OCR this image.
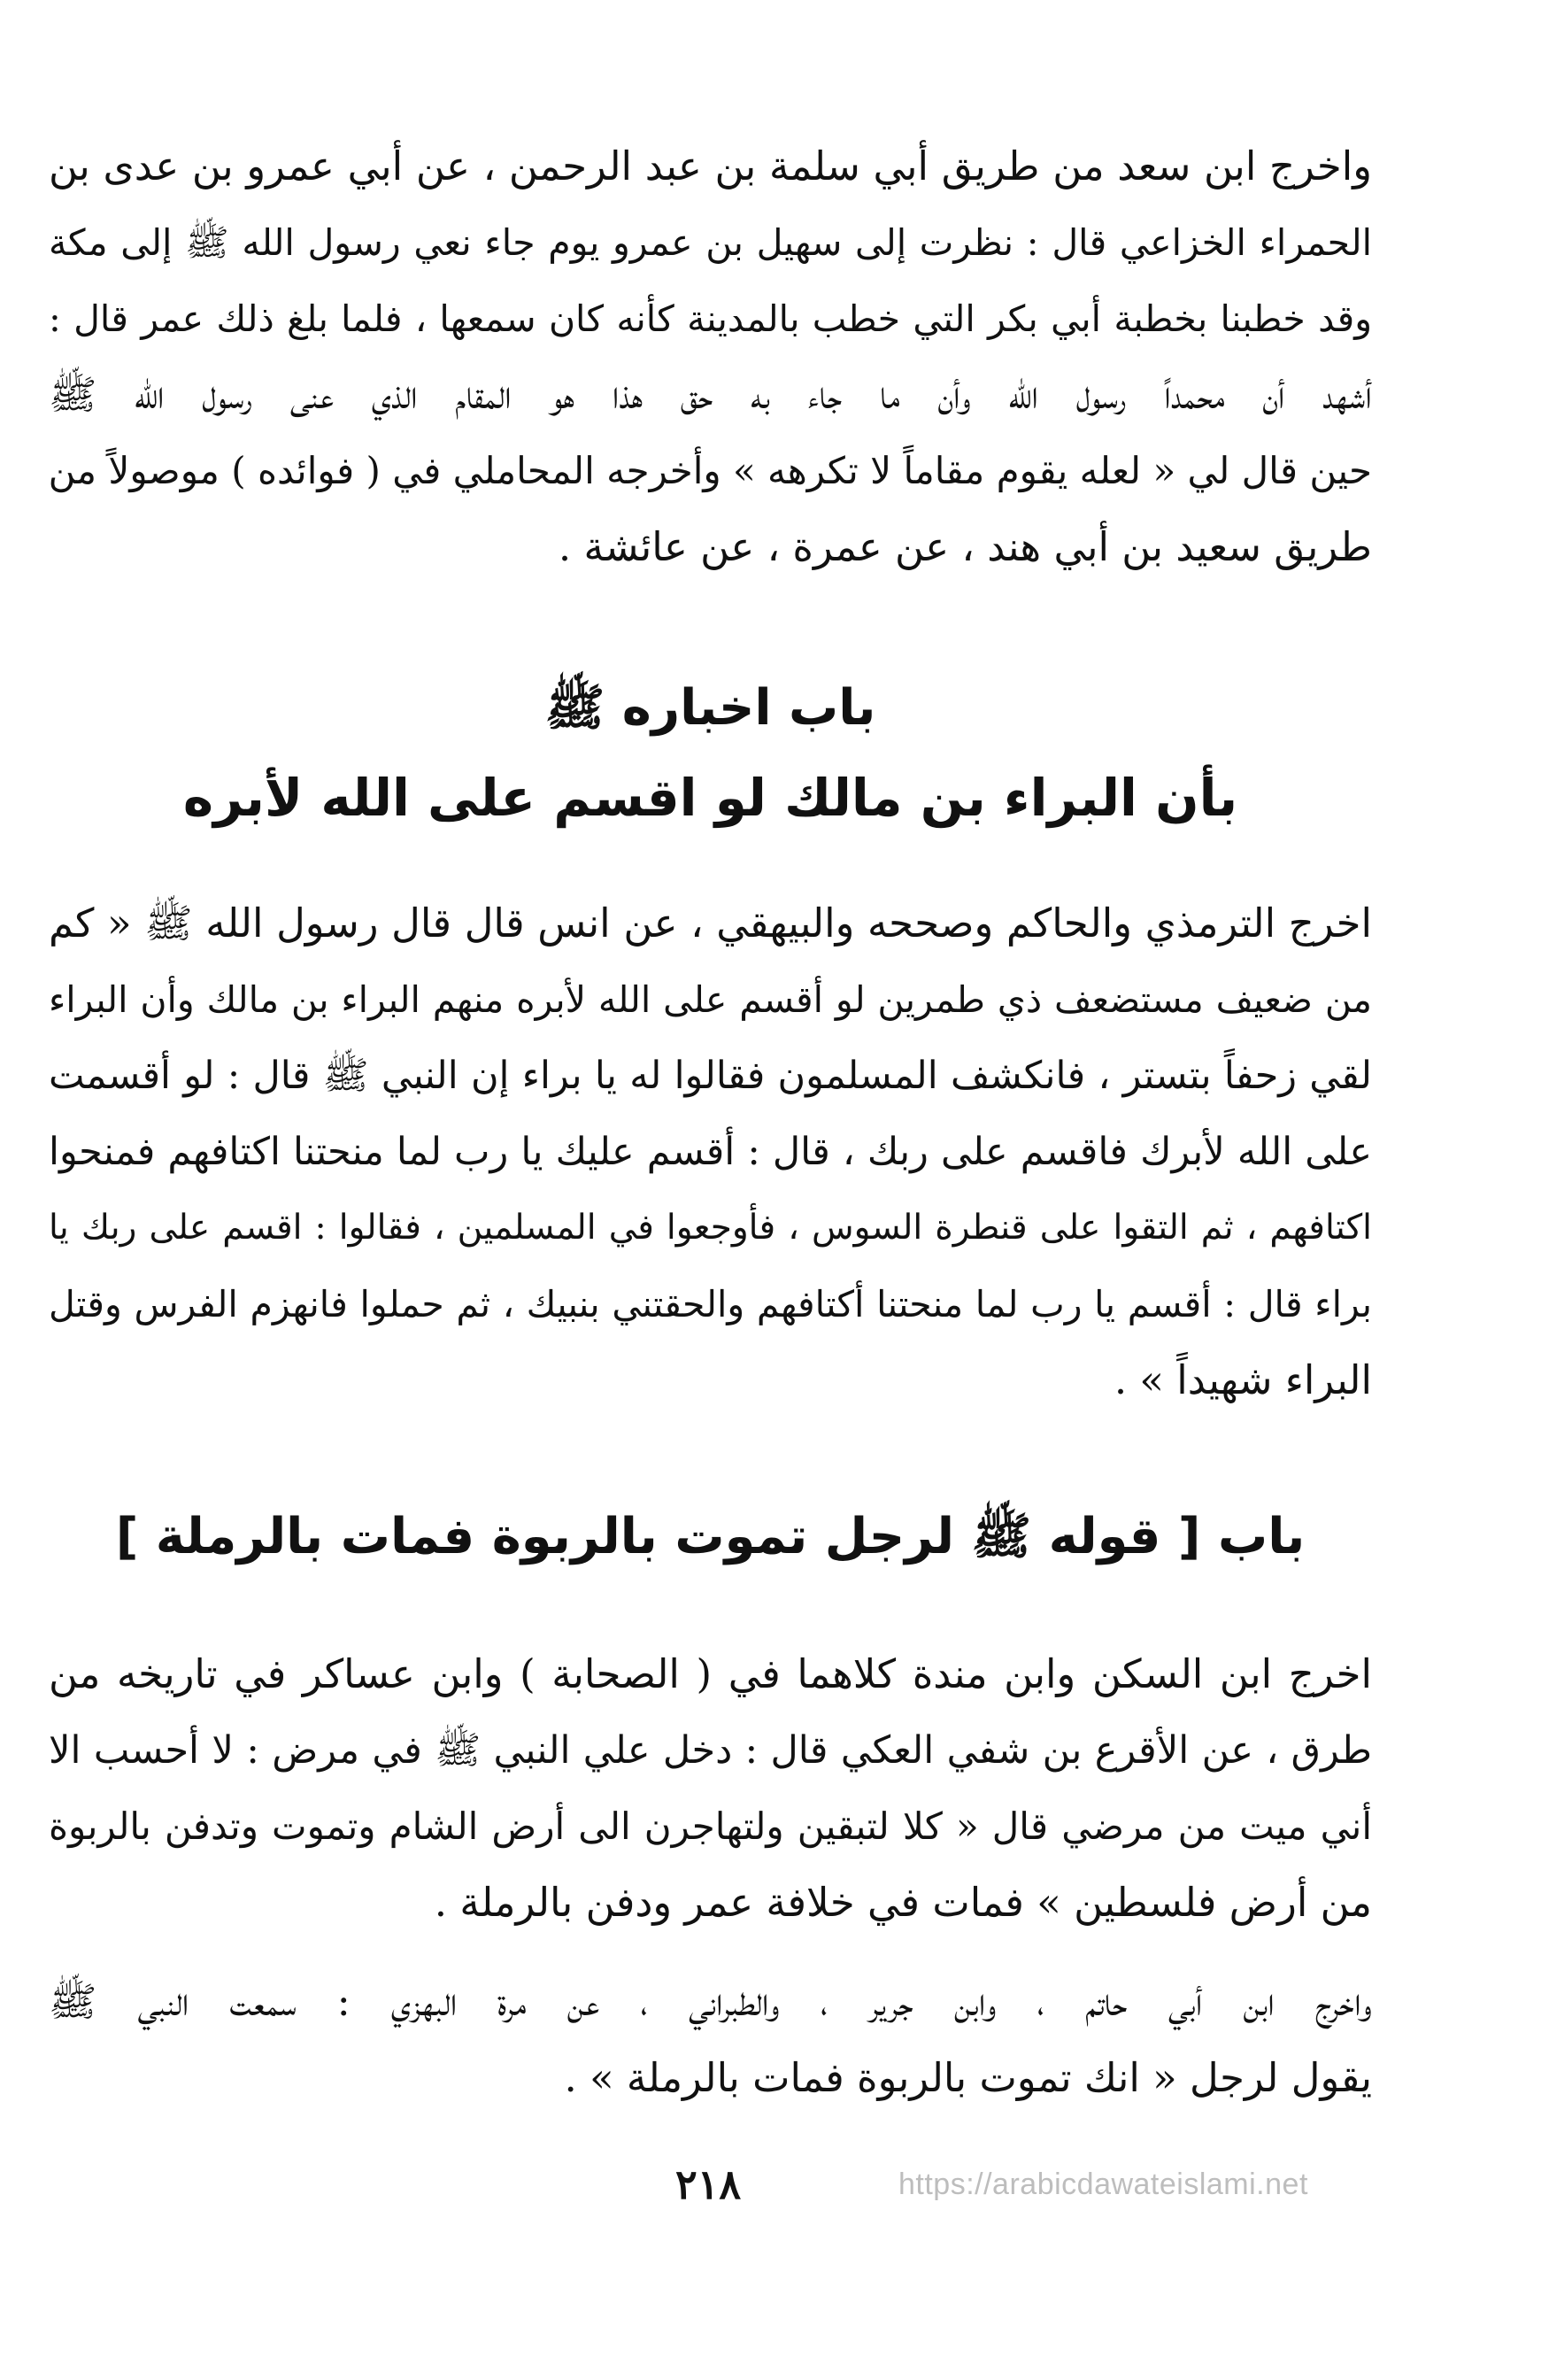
واخرج ابن سعد من طريق أبي سلمة بن عبد الرحمن ، عن أبي عمرو بن عدى بن
الحمراء الخزاعي قال : نظرت إلى سهيل بن عمرو يوم جاء نعي رسول الله ﷺ إلى مكة
وقد خطبنا بخطبة أبي بكر التي خطب بالمدينة كأنه كان سمعها ، فلما بلغ ذلك عمر قال :
أشهد أن محمداً رسول الله وأن ما جاء به حق هذا هو المقام الذي عنى رسول الله ﷺ
حين قال لي « لعله يقوم مقاماً لا تكرهه » وأخرجه المحاملي في ( فوائده ) موصولاً من
طريق سعيد بن أبي هند ، عن عمرة ، عن عائشة .
باب اخباره ﷺ
بأن البراء بن مالك لو اقسم على الله لأبره
اخرج الترمذي والحاكم وصححه والبيهقي ، عن انس قال قال رسول الله ﷺ « كم
من ضعيف مستضعف ذي طمرين لو أقسم على الله لأبره منهم البراء بن مالك وأن البراء
لقي زحفاً بتستر ، فانكشف المسلمون فقالوا له يا براء إن النبي ﷺ قال : لو أقسمت
على الله لأبرك فاقسم على ربك ، قال : أقسم عليك يا رب لما منحتنا اكتافهم فمنحوا
اكتافهم ، ثم التقوا على قنطرة السوس ، فأوجعوا في المسلمين ، فقالوا : اقسم على ربك يا
براء قال : أقسم يا رب لما منحتنا أكتافهم والحقتني بنبيك ، ثم حملوا فانهزم الفرس وقتل
البراء شهيداً » .
باب [ قوله ﷺ لرجل تموت بالربوة فمات بالرملة ]
اخرج ابن السكن وابن مندة كلاهما في ( الصحابة ) وابن عساكر في تاريخه من
طرق ، عن الأقرع بن شفي العكي قال : دخل علي النبي ﷺ في مرض : لا أحسب الا
أني ميت من مرضي قال « كلا لتبقين ولتهاجرن الى أرض الشام وتموت وتدفن بالربوة
من أرض فلسطين » فمات في خلافة عمر ودفن بالرملة .
واخرج ابن أبي حاتم ، وابن جرير ، والطبراني ، عن مرة البهزي : سمعت النبي ﷺ
يقول لرجل « انك تموت بالربوة فمات بالرملة » .
٢١٨	https://arabicdawateislami.net
